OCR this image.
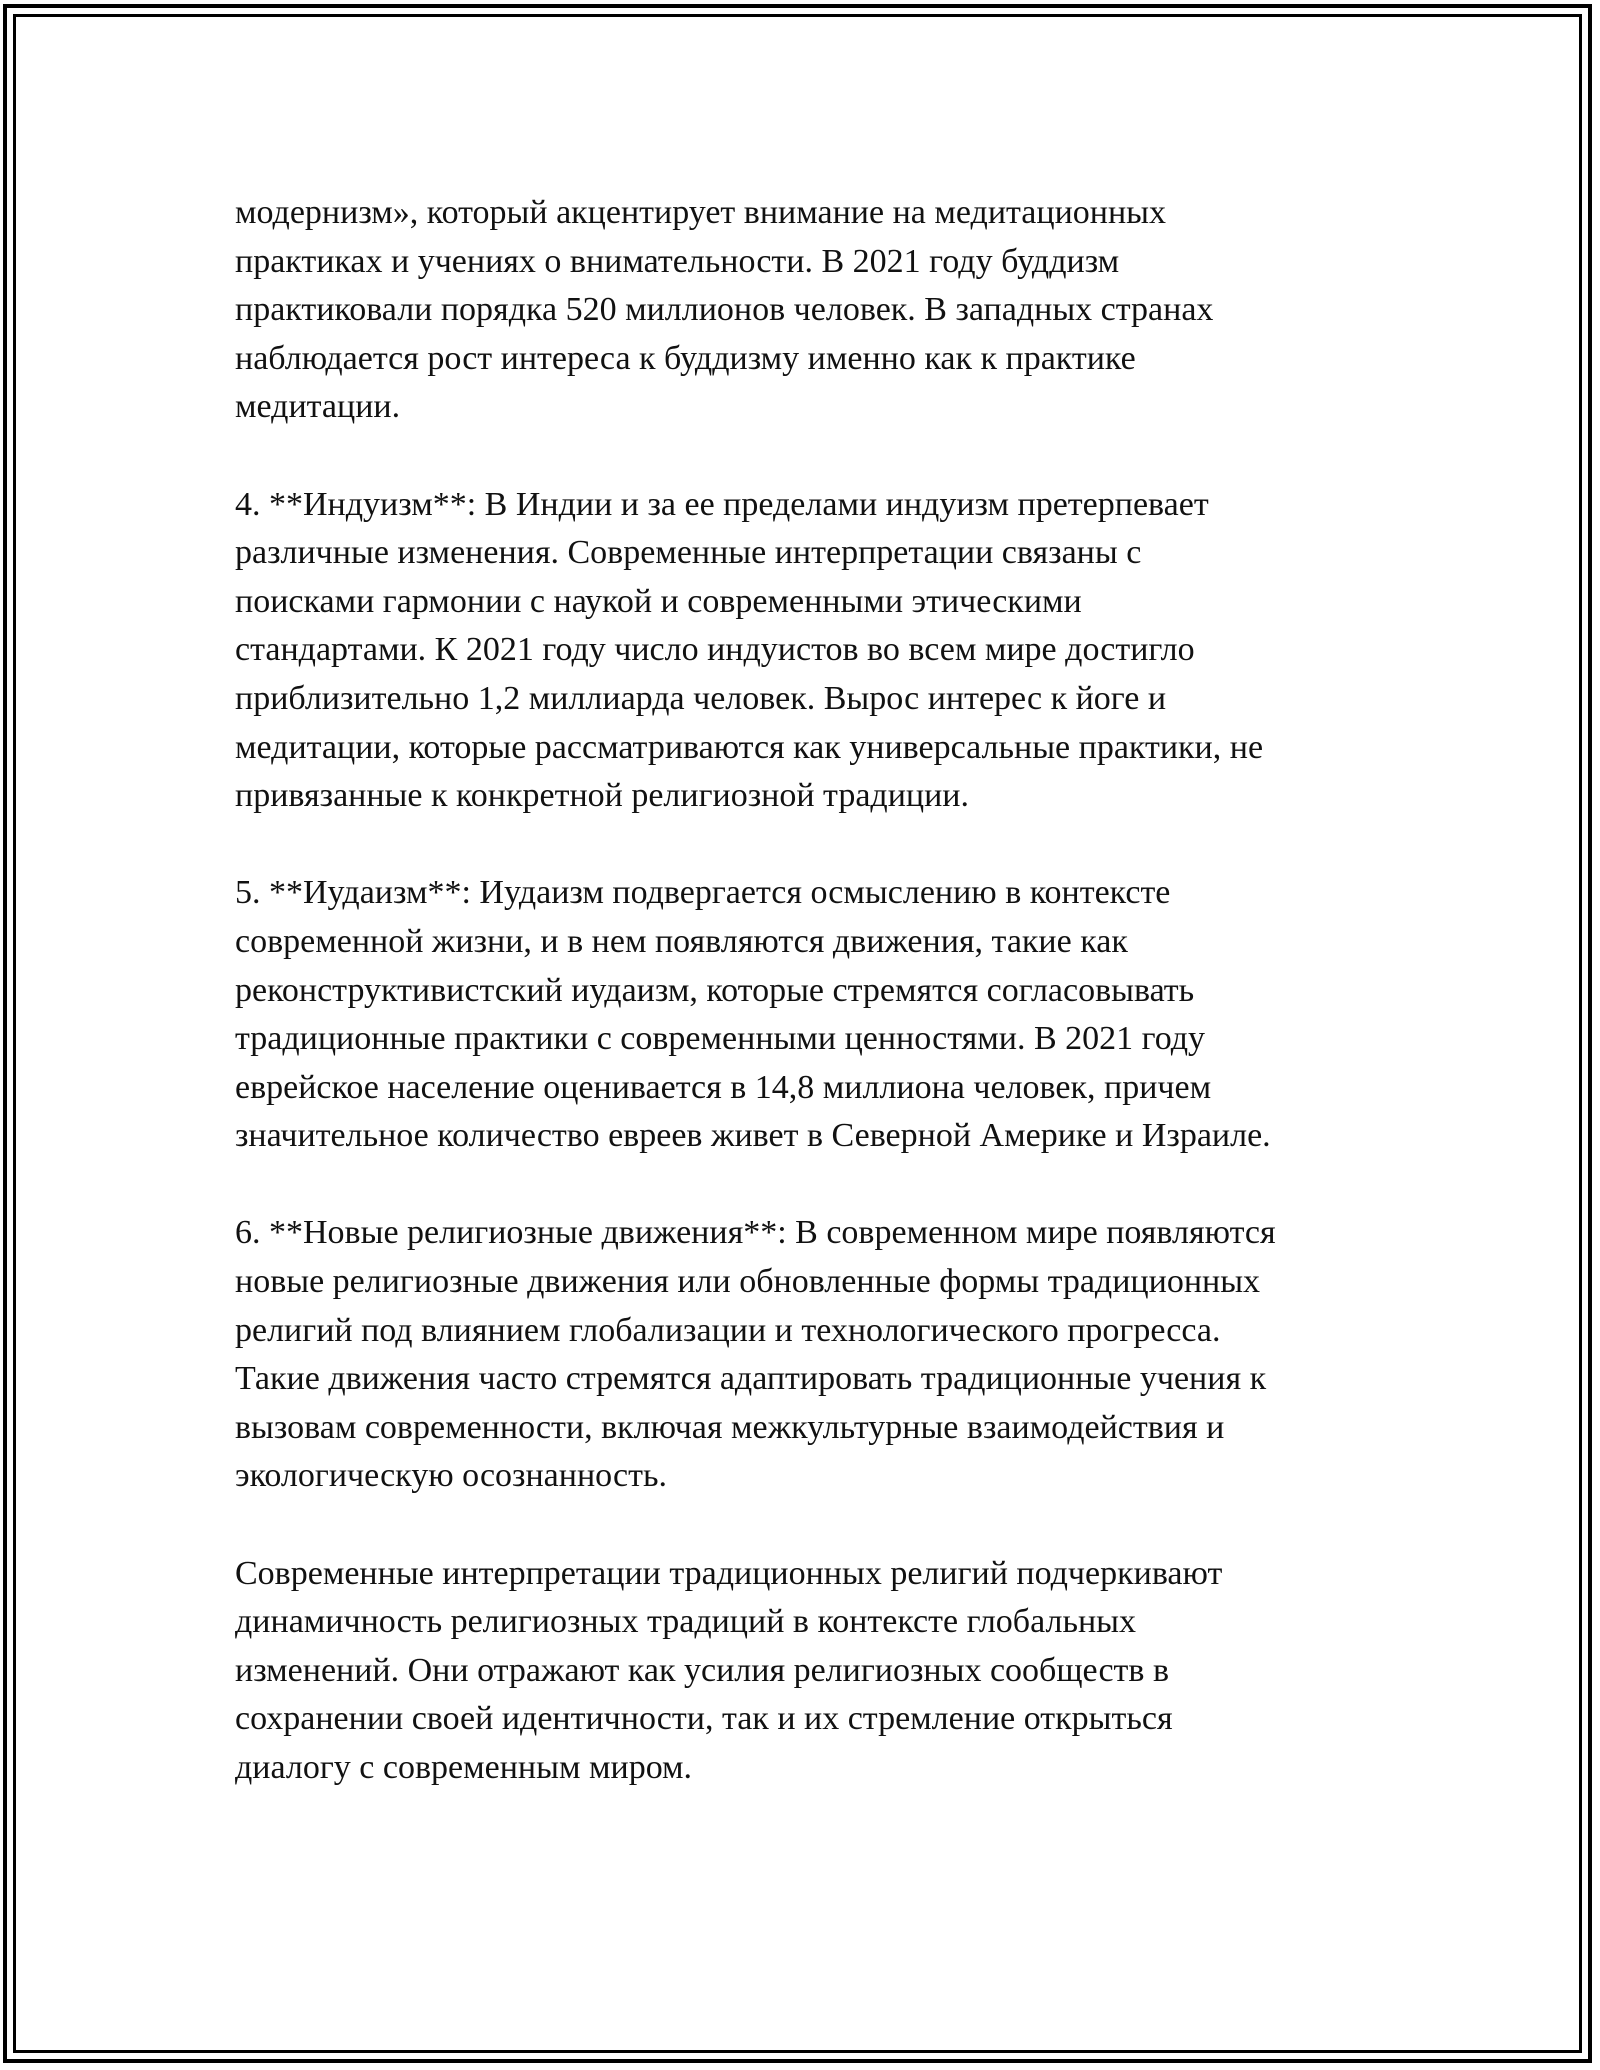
модернизм», который акцентирует внимание на медитационных
практиках и учениях о внимательности. В 2021 году буддизм
практиковали порядка 520 миллионов человек. В западных странах
наблюдается рост интереса к буддизму именно как к практике
медитации.
4. **Индуизм**: В Индии и за ее пределами индуизм претерпевает
различные изменения. Современные интерпретации связаны с
поисками гармонии с наукой и современными этическими
стандартами. К 2021 году число индуистов во всем мире достигло
приблизительно 1,2 миллиарда человек. Вырос интерес к йоге и
медитации, которые рассматриваются как универсальные практики, не
привязанные к конкретной религиозной традиции.
5. **Иудаизм**: Иудаизм подвергается осмыслению в контексте
современной жизни, и в нем появляются движения, такие как
реконструктивистский иудаизм, которые стремятся согласовывать
традиционные практики с современными ценностями. В 2021 году
еврейское население оценивается в 14,8 миллиона человек, причем
значительное количество евреев живет в Северной Америке и Израиле.
6. **Новые религиозные движения**: В современном мире появляются
новые религиозные движения или обновленные формы традиционных
религий под влиянием глобализации и технологического прогресса.
Такие движения часто стремятся адаптировать традиционные учения к
вызовам современности, включая межкультурные взаимодействия и
экологическую осознанность.
Современные интерпретации традиционных религий подчеркивают
динамичность религиозных традиций в контексте глобальных
изменений. Они отражают как усилия религиозных сообществ в
сохранении своей идентичности, так и их стремление открыться
диалогу с современным миром.
